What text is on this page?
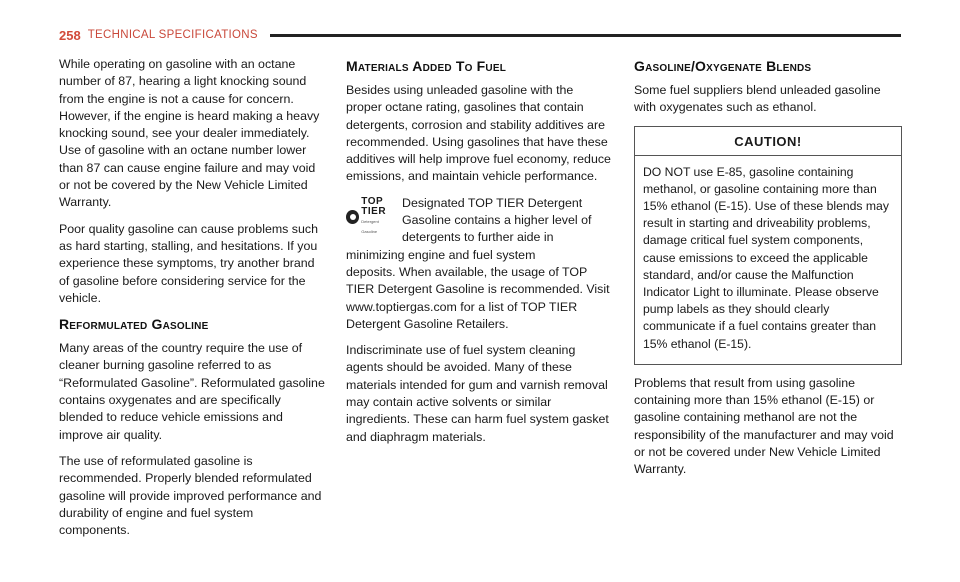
258 TECHNICAL SPECIFICATIONS

While operating on gasoline with an octane number of 87, hearing a light knocking sound from the engine is not a cause for concern. However, if the engine is heard making a heavy knocking sound, see your dealer immediately. Use of gasoline with an octane number lower than 87 can cause engine failure and may void or not be covered by the New Vehicle Limited Warranty.

Poor quality gasoline can cause problems such as hard starting, stalling, and hesitations. If you experience these symptoms, try another brand of gasoline before considering service for the vehicle.

Reformulated Gasoline

Many areas of the country require the use of cleaner burning gasoline referred to as “Reformulated Gasoline”. Reformulated gasoline contains oxygenates and are specifically blended to reduce vehicle emissions and improve air quality.

The use of reformulated gasoline is recommended. Properly blended reformulated gasoline will provide improved performance and durability of engine and fuel system components.

Materials Added To Fuel

Besides using unleaded gasoline with the proper octane rating, gasolines that contain detergents, corrosion and stability additives are recommended. Using gasolines that have these additives will help improve fuel economy, reduce emissions, and maintain vehicle performance.

TOP
TIER
Detergent Gasoline

Designated TOP TIER Detergent Gasoline contains a higher level of detergents to further aide in minimizing engine and fuel system

deposits. When available, the usage of TOP TIER Detergent Gasoline is recommended. Visit www.toptiergas.com for a list of TOP TIER Detergent Gasoline Retailers.

Indiscriminate use of fuel system cleaning agents should be avoided. Many of these materials intended for gum and varnish removal may contain active solvents or similar ingredients. These can harm fuel system gasket and diaphragm materials.

Gasoline/Oxygenate Blends

Some fuel suppliers blend unleaded gasoline with oxygenates such as ethanol.

CAUTION!

DO NOT use E-85, gasoline containing methanol, or gasoline containing more than 15% ethanol (E-15). Use of these blends may result in starting and driveability problems, damage critical fuel system components, cause emissions to exceed the applicable standard, and/or cause the Malfunction Indicator Light to illuminate. Please observe pump labels as they should clearly communicate if a fuel contains greater than 15% ethanol (E-15).

Problems that result from using gasoline containing more than 15% ethanol (E-15) or gasoline containing methanol are not the responsibility of the manufacturer and may void or not be covered under New Vehicle Limited Warranty.
